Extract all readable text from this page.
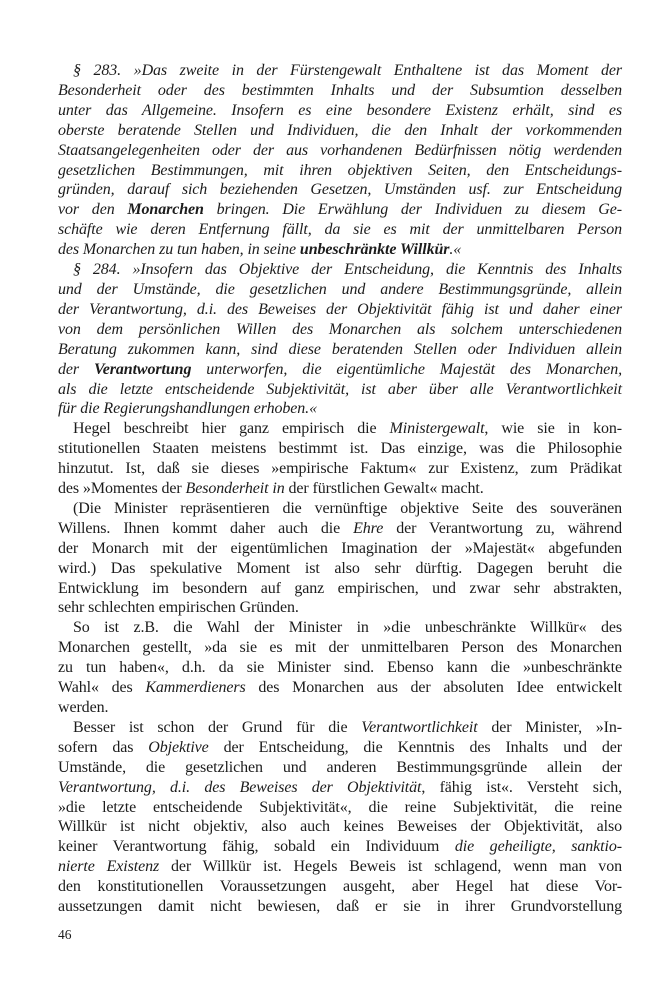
§ 283. »Das zweite in der Fürstengewalt Enthaltene ist das Moment der
Besonderheit oder des bestimmten Inhalts und der Subsumtion desselben
unter das Allgemeine. Insofern es eine besondere Existenz erhält, sind es
oberste beratende Stellen und Individuen, die den Inhalt der vorkommenden
Staatsangelegenheiten oder der aus vorhandenen Bedürfnissen nötig werdenden
gesetzlichen Bestimmungen, mit ihren objektiven Seiten, den Entscheidungs-
gründen, darauf sich beziehenden Gesetzen, Umständen usf. zur Entscheidung
vor den Monarchen bringen. Die Erwählung der Individuen zu diesem Ge-
schäfte wie deren Entfernung fällt, da sie es mit der unmittelbaren Person
des Monarchen zu tun haben, in seine unbeschränkte Willkür.«
§ 284. »Insofern das Objektive der Entscheidung, die Kenntnis des Inhalts
und der Umstände, die gesetzlichen und andere Bestimmungsgründe, allein
der Verantwortung, d.i. des Beweises der Objektivität fähig ist und daher einer
von dem persönlichen Willen des Monarchen als solchem unterschiedenen
Beratung zukommen kann, sind diese beratenden Stellen oder Individuen allein
der Verantwortung unterworfen, die eigentümliche Majestät des Monarchen,
als die letzte entscheidende Subjektivität, ist aber über alle Verantwortlichkeit
für die Regierungshandlungen erhoben.«
Hegel beschreibt hier ganz empirisch die Ministergewalt, wie sie in kon-
stitutionellen Staaten meistens bestimmt ist. Das einzige, was die Philosophie
hinzutut. Ist, daß sie dieses »empirische Faktum« zur Existenz, zum Prädikat
des »Momentes der Besonderheit in der fürstlichen Gewalt« macht.
(Die Minister repräsentieren die vernünftige objektive Seite des souveränen
Willens. Ihnen kommt daher auch die Ehre der Verantwortung zu, während
der Monarch mit der eigentümlichen Imagination der »Majestät« abgefunden
wird.) Das spekulative Moment ist also sehr dürftig. Dagegen beruht die
Entwicklung im besondern auf ganz empirischen, und zwar sehr abstrakten,
sehr schlechten empirischen Gründen.
So ist z.B. die Wahl der Minister in »die unbeschränkte Willkür« des
Monarchen gestellt, »da sie es mit der unmittelbaren Person des Monarchen
zu tun haben«, d.h. da sie Minister sind. Ebenso kann die »unbeschränkte
Wahl« des Kammerdieners des Monarchen aus der absoluten Idee entwickelt
werden.
Besser ist schon der Grund für die Verantwortlichkeit der Minister, »In-
sofern das Objektive der Entscheidung, die Kenntnis des Inhalts und der
Umstände, die gesetzlichen und anderen Bestimmungsgründe allein der
Verantwortung, d.i. des Beweises der Objektivität, fähig ist«. Versteht sich,
»die letzte entscheidende Subjektivität«, die reine Subjektivität, die reine
Willkür ist nicht objektiv, also auch keines Beweises der Objektivität, also
keiner Verantwortung fähig, sobald ein Individuum die geheiligte, sanktio-
nierte Existenz der Willkür ist. Hegels Beweis ist schlagend, wenn man von
den konstitutionellen Voraussetzungen ausgeht, aber Hegel hat diese Vor-
aussetzungen damit nicht bewiesen, daß er sie in ihrer Grundvorstellung
46
